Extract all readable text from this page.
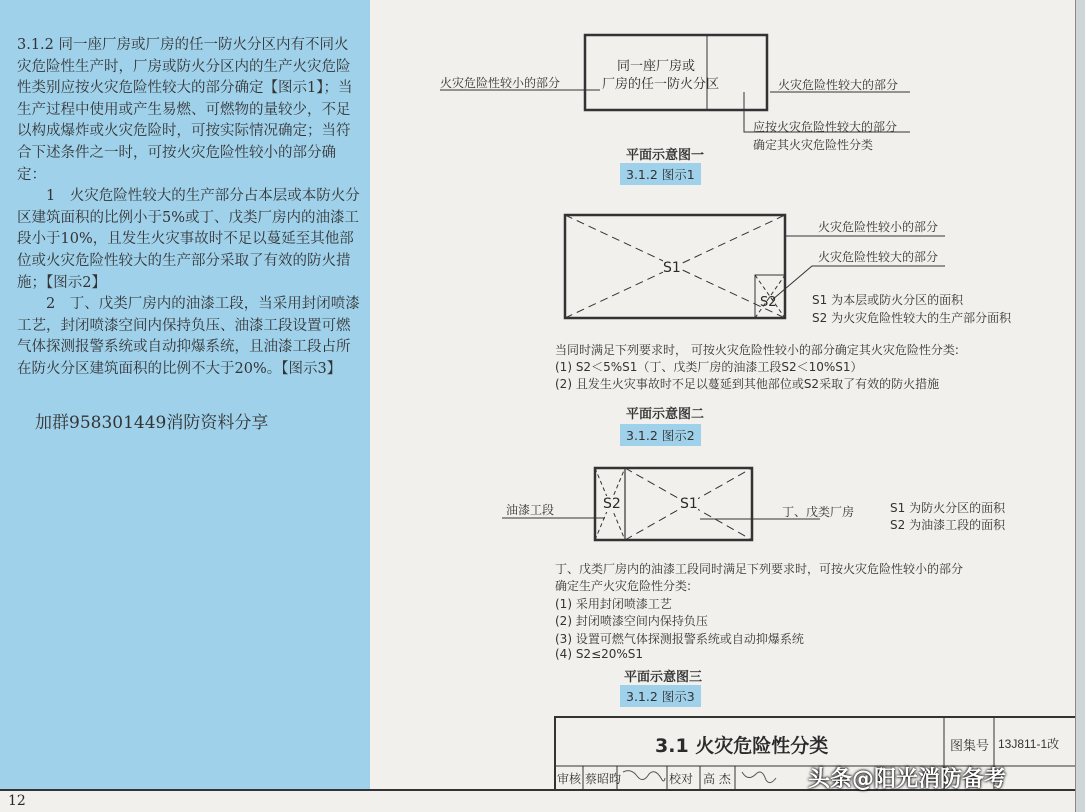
3.1.2 同一座厂房或厂房的任一防火分区内有不同火灾危险性生产时，厂房或防火分区内的生产火灾危险性类别应按火灾危险性较大的部分确定【图示1】；当生产过程中使用或产生易燃、可燃物的量较少，不足以构成爆炸或火灾危险时，可按实际情况确定；当符合下述条件之一时，可按火灾危险性较小的部分确定：

1　火灾危险性较大的生产部分占本层或本防火分区建筑面积的比例小于5%或丁、戊类厂房内的油漆工段小于10%，且发生火灾事故时不足以蔓延至其他部位或火灾危险性较大的生产部分采取了有效的防火措施；【图示2】

2　丁、戊类厂房内的油漆工段，当采用封闭喷漆工艺，封闭喷漆空间内保持负压、油漆工段设置可燃气体探测报警系统或自动抑爆系统，且油漆工段占所在防火分区建筑面积的比例不大于20%。【图示3】

加群958301449消防资料分享
同一座厂房或
厂房的任一防火分区
火灾危险性较小的部分	火灾危险性较大的部分
应按火灾危险性较大的部分
确定其火灾危险性分类
平面示意图一
3.1.2 图示1
S1
S2
火灾危险性较小的部分
火灾危险性较大的部分
S1 为本层或防火分区的面积
S2 为火灾危险性较大的生产部分面积
当同时满足下列要求时， 可按火灾危险性较小的部分确定其火灾危险性分类:
(1) S2＜5%S1（丁、戊类厂房的油漆工段S2＜10%S1）
(2) 且发生火灾事故时不足以蔓延到其他部位或S2采取了有效的防火措施
平面示意图二
3.1.2 图示2
S2	S1
油漆工段	丁、戊类厂房	S1 为防火分区的面积
S2 为油漆工段的面积
丁、戊类厂房内的油漆工段同时满足下列要求时，可按火灾危险性较小的部分
确定生产火灾危险性分类:
(1) 采用封闭喷漆工艺
(2) 封闭喷漆空间内保持负压
(3) 设置可燃气体探测报警系统或自动抑爆系统
(4) S2≤20%S1
平面示意图三
3.1.2 图示3
3.1 火灾危险性分类	图集号 13J811-1改
审核 蔡昭昀	校对 高 杰	头条@阳光消防备考
12
